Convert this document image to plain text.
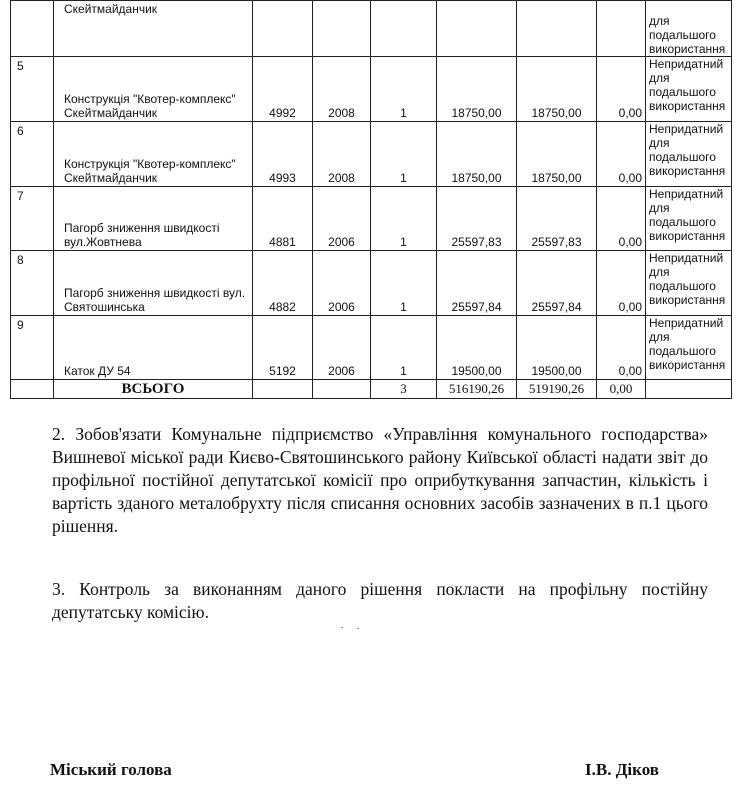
	Скейтмайданчик							для подальшого використання
5	Конструкція "Квотер-комплекс" Скейтмайданчик	4992	2008	1	18750,00	18750,00	0,00	Непридатний для подальшого використання
6	Конструкція "Квотер-комплекс" Скейтмайданчик	4993	2008	1	18750,00	18750,00	0,00	Непридатний для подальшого використання
7	Пагорб зниження швидкості вул.Жовтнева	4881	2006	1	25597,83	25597,83	0,00	Непридатний для подальшого використання
8	Пагорб зниження швидкості вул. Святошинська	4882	2006	1	25597,84	25597,84	0,00	Непридатний для подальшого використання
9	Каток ДУ 54	5192	2006	1	19500,00	19500,00	0,00	Непридатний для подальшого використання
	ВСЬОГО			3	516190,26	519190,26	0,00	

2. Зобов'язати Комунальне підприємство «Управління комунального господарства» Вишневої міської ради Києво-Святошинського району Київської області надати звіт до профільної постійної депутатської комісії про оприбуткування запчастин, кількість і вартість зданого металобрухту після списання основних засобів зазначених в п.1 цього рішення.

3. Контроль за виконанням даного рішення покласти на профільну постійну депутатську комісію.

Міський голова	І.В. Діков
